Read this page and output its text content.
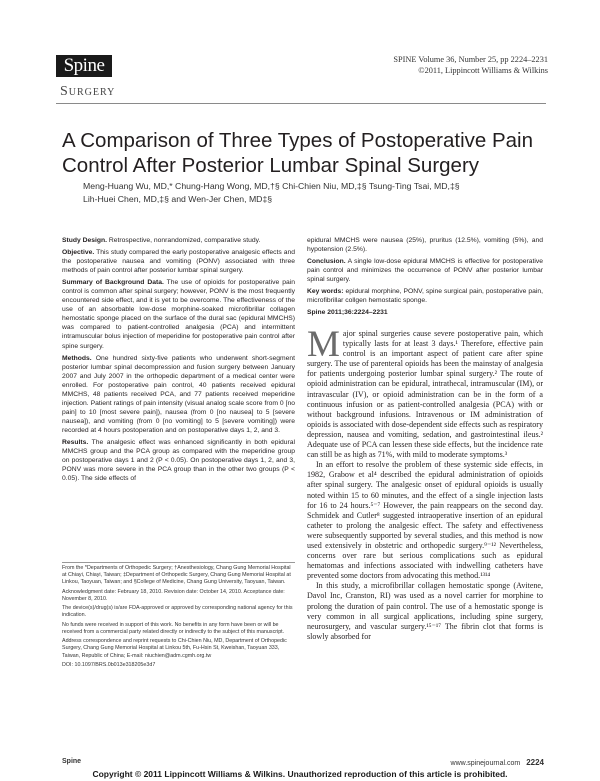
Spine
Surgery
SPINE Volume 36, Number 25, pp 2224–2231
©2011, Lippincott Williams & Wilkins
A Comparison of Three Types of Postoperative Pain Control After Posterior Lumbar Spinal Surgery
Meng-Huang Wu, MD,* Chung-Hang Wong, MD,†§ Chi-Chien Niu, MD,‡§ Tsung-Ting Tsai, MD,‡§
Lih-Huei Chen, MD,‡§ and Wen-Jer Chen, MD‡§

Study Design. Retrospective, nonrandomized, comparative study.

Objective. This study compared the early postoperative analgesic effects and the postoperative nausea and vomiting (PONV) associated with three methods of pain control after posterior lumbar spinal surgery.

Summary of Background Data. The use of opioids for postoperative pain control is common after spinal surgery; however, PONV is the most frequently encountered side effect, and it is yet to be overcome. The effectiveness of the use of an absorbable low-dose morphine-soaked microfibrillar collagen hemostatic sponge placed on the surface of the dural sac (epidural MMCHS) was compared to patient-controlled analgesia (PCA) and intermittent intramuscular bolus injection of meperidine for postoperative pain control after spine surgery.

Methods. One hundred sixty-five patients who underwent short-segment posterior lumbar spinal decompression and fusion surgery between January 2007 and July 2007 in the orthopedic department of a medical center were enrolled. For postoperative pain control, 40 patients received epidural MMCHS, 48 patients received PCA, and 77 patients received meperidine injection. Patient ratings of pain intensity (visual analog scale score from 0 [no pain] to 10 [most severe pain]), nausea (from 0 [no nausea] to 5 [severe nausea]), and vomiting (from 0 [no vomiting] to 5 [severe vomiting]) were recorded at 4 hours postoperation and on postoperative days 1, 2, and 3.

Results. The analgesic effect was enhanced significantly in both epidural MMCHS group and the PCA group as compared with the meperidine group on postoperative days 1 and 2 (P < 0.05). On postoperative days 1, 2, and 3, PONV was more severe in the PCA group than in the other two groups (P < 0.05). The side effects of

epidural MMCHS were nausea (25%), pruritus (12.5%), vomiting (5%), and hypotension (2.5%).

Conclusion. A single low-dose epidural MMCHS is effective for postoperative pain control and minimizes the occurrence of PONV after posterior lumbar spinal surgery.

Key words: epidural morphine, PONV, spine surgical pain, postoperative pain, microfibrillar collgen hemostatic sponge.

Spine 2011;36:2224–2231

Major spinal surgeries cause severe postoperative pain, which typically lasts for at least 3 days.¹ Therefore, effective pain control is an important aspect of patient care after spine surgery. The use of parenteral opioids has been the mainstay of analgesia for patients undergoing posterior lumbar spinal surgery.² The route of opioid administration can be epidural, intrathecal, intramuscular (IM), or intravascular (IV), or opioid administration can be in the form of a continuous infusion or as patient-controlled analgesia (PCA) with or without background infusions. Intravenous or IM administration of opioids is associated with dose-dependent side effects such as respiratory depression, nausea and vomiting, sedation, and gastrointestinal ileus.² Adequate use of PCA can lessen these side effects, but the incidence rate can still be as high as 71%, with mild to moderate symptoms.³

In an effort to resolve the problem of these systemic side effects, in 1982, Grabow et al⁴ described the epidural administration of opioids after spinal surgery. The analgesic onset of epidural opioids is usually noted within 15 to 60 minutes, and the effect of a single injection lasts for 16 to 24 hours.⁵⁻⁷ However, the pain reappears on the second day. Schmidek and Cutler⁸ suggested intraoperative insertion of an epidural catheter to prolong the analgesic effect. The safety and effectiveness were subsequently supported by several studies, and this method is now used extensively in obstetric and orthopedic surgery.⁹⁻¹² Nevertheless, concerns over rare but serious complications such as epidural hematomas and infections associated with indwelling catheters have prevented some doctors from advocating this method.¹³¹⁴

In this study, a microfibrillar collagen hemostatic sponge (Avitene, Davol Inc, Cranston, RI) was used as a novel carrier for morphine to prolong the duration of pain control. The use of a hemostatic sponge is very common in all surgical applications, including spine surgery, neurosurgery, and vascular surgery.¹⁵⁻¹⁷ The fibrin clot that forms is slowly absorbed for

From the *Departments of Orthopedic Surgery; †Anesthesiology, Chang Gung Memorial Hospital at Chiayi, Chiayi, Taiwan; ‡Department of Orthopedic Surgery, Chang Gung Memorial Hospital at Linkou, Taoyuan, Taiwan; and §College of Medicine, Chang Gung University, Taoyuan, Taiwan.

Acknowledgment date: February 18, 2010. Revision date: October 14, 2010. Acceptance date: November 8, 2010.

The device(s)/drug(s) is/are FDA-approved or approved by corresponding national agency for this indication.

No funds were received in support of this work. No benefits in any form have been or will be received from a commercial party related directly or indirectly to the subject of this manuscript.

Address correspondence and reprint requests to Chi-Chien Niu, MD, Department of Orthopedic Surgery, Chang Gung Memorial Hospital at Linkou 5th, Fu-Hsin St, Kweishan, Taoyuan 333, Taiwan, Republic of China; E-mail: niuchien@adm.cgmh.org.tw

DOI: 10.1097/BRS.0b013e318205e3d7

Spine	www.spinejournal.com 2224
Copyright © 2011 Lippincott Williams & Wilkins. Unauthorized reproduction of this article is prohibited.
